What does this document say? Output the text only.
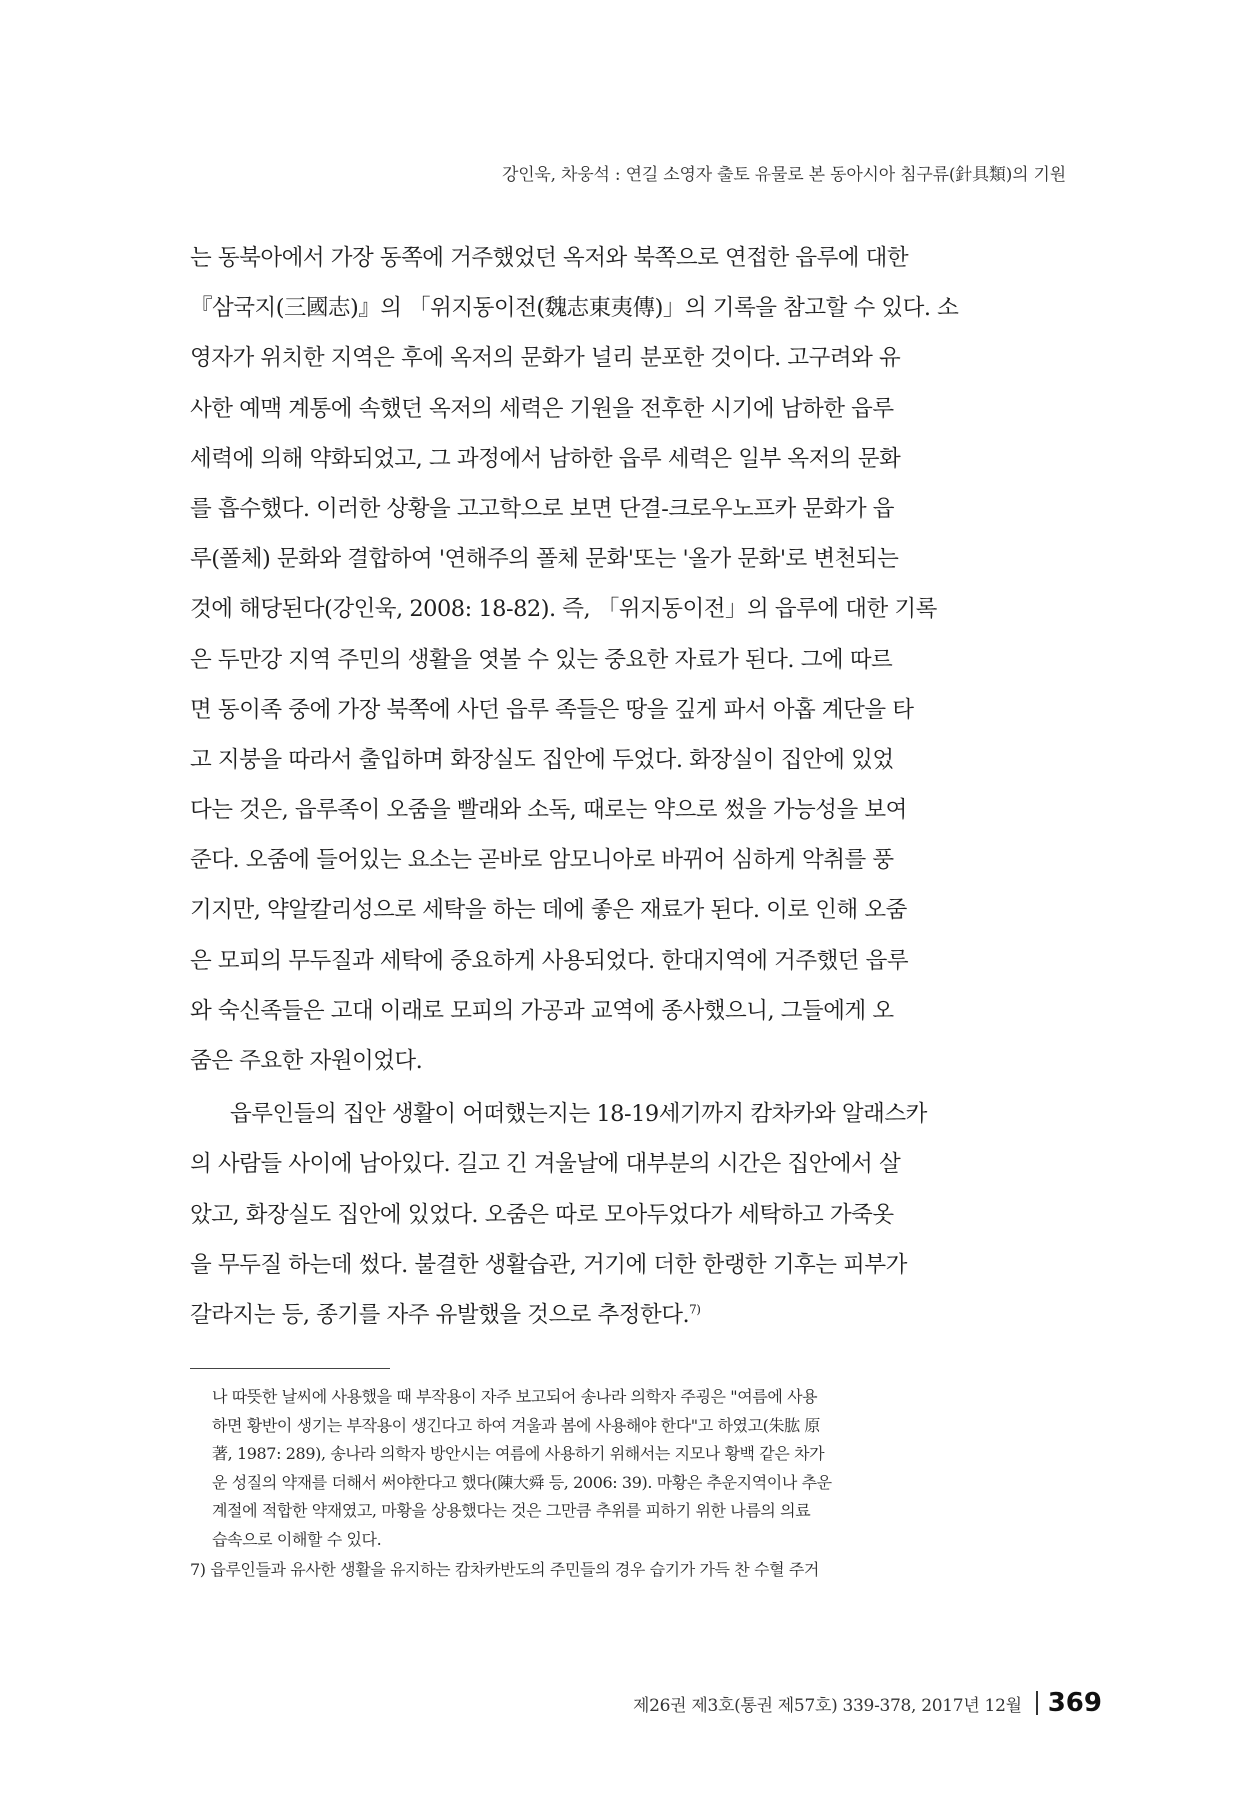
강인욱, 차웅석 : 연길 소영자 출토 유물로 본 동아시아 침구류(針具類)의 기원
는 동북아에서 가장 동쪽에 거주했었던 옥저와 북쪽으로 연접한 읍루에 대한
『삼국지(三國志)』의 「위지동이전(魏志東夷傳)」의 기록을 참고할 수 있다. 소
영자가 위치한 지역은 후에 옥저의 문화가 널리 분포한 것이다. 고구려와 유
사한 예맥 계통에 속했던 옥저의 세력은 기원을 전후한 시기에 남하한 읍루
세력에 의해 약화되었고, 그 과정에서 남하한 읍루 세력은 일부 옥저의 문화
를 흡수했다. 이러한 상황을 고고학으로 보면 단결-크로우노프카 문화가 읍
루(폴체) 문화와 결합하여 '연해주의 폴체 문화'또는 '올가 문화'로 변천되는
것에 해당된다(강인욱, 2008: 18-82). 즉, 「위지동이전」의 읍루에 대한 기록
은 두만강 지역 주민의 생활을 엿볼 수 있는 중요한 자료가 된다. 그에 따르
면 동이족 중에 가장 북쪽에 사던 읍루 족들은 땅을 깊게 파서 아홉 계단을 타
고 지붕을 따라서 출입하며 화장실도 집안에 두었다. 화장실이 집안에 있었
다는 것은, 읍루족이 오줌을 빨래와 소독, 때로는 약으로 썼을 가능성을 보여
준다. 오줌에 들어있는 요소는 곧바로 암모니아로 바뀌어 심하게 악취를 풍
기지만, 약알칼리성으로 세탁을 하는 데에 좋은 재료가 된다. 이로 인해 오줌
은 모피의 무두질과 세탁에 중요하게 사용되었다. 한대지역에 거주했던 읍루
와 숙신족들은 고대 이래로 모피의 가공과 교역에 종사했으니, 그들에게 오
줌은 주요한 자원이었다.
읍루인들의 집안 생활이 어떠했는지는 18-19세기까지 캄차카와 알래스카
의 사람들 사이에 남아있다. 길고 긴 겨울날에 대부분의 시간은 집안에서 살
았고, 화장실도 집안에 있었다. 오줌은 따로 모아두었다가 세탁하고 가죽옷
을 무두질 하는데 썼다. 불결한 생활습관, 거기에 더한 한랭한 기후는 피부가
갈라지는 등, 종기를 자주 유발했을 것으로 추정한다.$^{7)}$
나 따뜻한 날씨에 사용했을 때 부작용이 자주 보고되어 송나라 의학자 주굉은 "여름에 사용
하면 황반이 생기는 부작용이 생긴다고 하여 겨울과 봄에 사용해야 한다"고 하였고(朱肱 原
著, 1987: 289), 송나라 의학자 방안시는 여름에 사용하기 위해서는 지모나 황백 같은 차가
운 성질의 약재를 더해서 써야한다고 했다(陳大舜 등, 2006: 39). 마황은 추운지역이나 추운
계절에 적합한 약재였고, 마황을 상용했다는 것은 그만큼 추위를 피하기 위한 나름의 의료
습속으로 이해할 수 있다.
7) 읍루인들과 유사한 생활을 유지하는 캄차카반도의 주민들의 경우 습기가 가득 찬 수혈 주거
제26권 제3호(통권 제57호) 339-378, 2017년 12월 369
